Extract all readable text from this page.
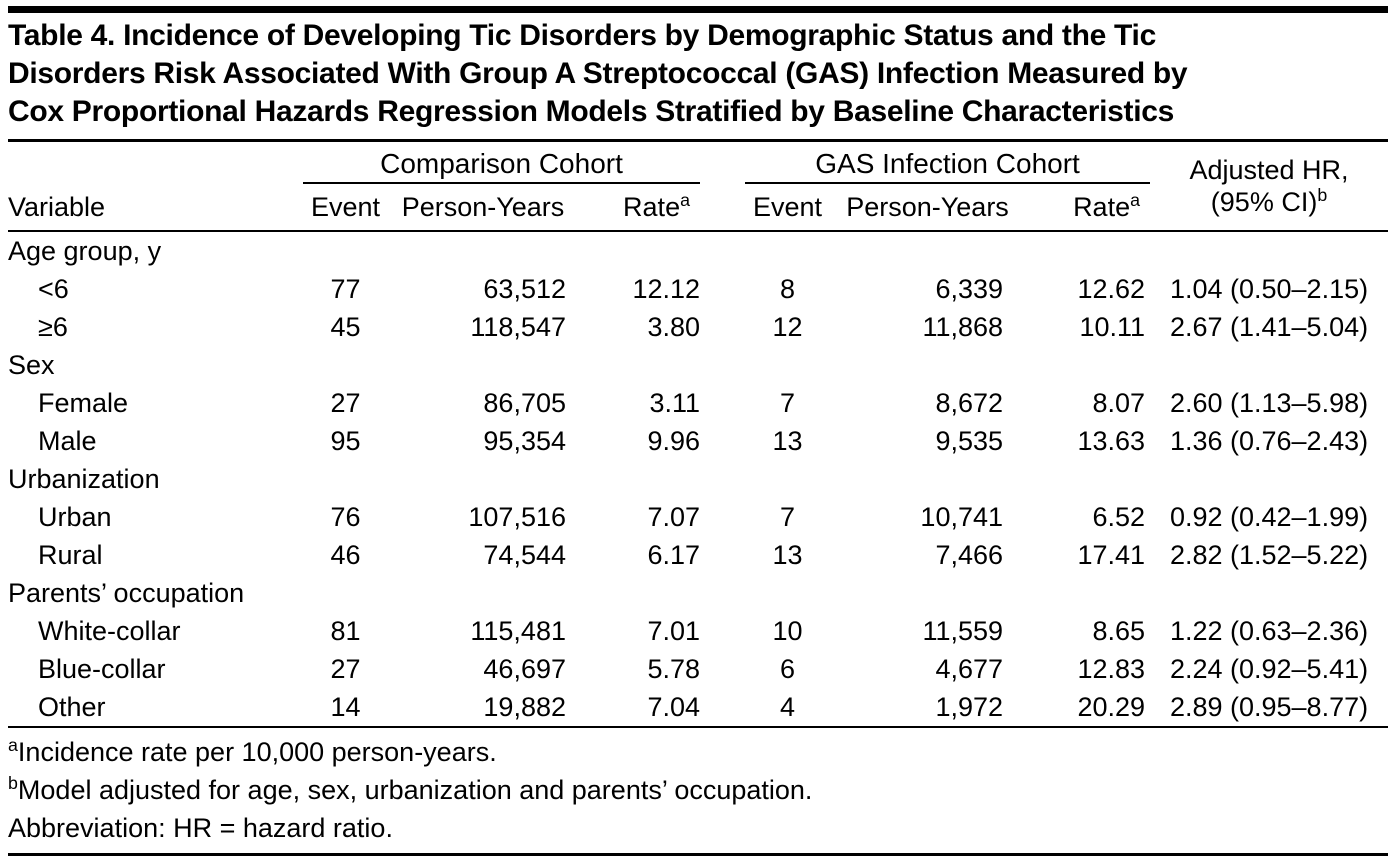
Table 4. Incidence of Developing Tic Disorders by Demographic Status and the Tic
Disorders Risk Associated With Group A Streptococcal (GAS) Infection Measured by
Cox Proportional Hazards Regression Models Stratified by Baseline Characteristics
	Comparison Cohort				GAS Infection Cohort			Adjusted HR,
(95% CI)$^b$
Variable	Event	Person-Years	Rate$^a$		Event	Person-Years	Rate$^a$
Age group, y								
<6	77	63,512	12.12		8	6,339	12.62	1.04 (0.50–2.15)
≥6	45	118,547	3.80		12	11,868	10.11	2.67 (1.41–5.04)
Sex								
Female	27	86,705	3.11		7	8,672	8.07	2.60 (1.13–5.98)
Male	95	95,354	9.96		13	9,535	13.63	1.36 (0.76–2.43)
Urbanization								
Urban	76	107,516	7.07		7	10,741	6.52	0.92 (0.42–1.99)
Rural	46	74,544	6.17		13	7,466	17.41	2.82 (1.52–5.22)
Parents’ occupation								
White-collar	81	115,481	7.01		10	11,559	8.65	1.22 (0.63–2.36)
Blue-collar	27	46,697	5.78		6	4,677	12.83	2.24 (0.92–5.41)
Other	14	19,882	7.04		4	1,972	20.29	2.89 (0.95–8.77)
$^a$Incidence rate per 10,000 person-years.
$^b$Model adjusted for age, sex, urbanization and parents’ occupation.
Abbreviation: HR = hazard ratio.
